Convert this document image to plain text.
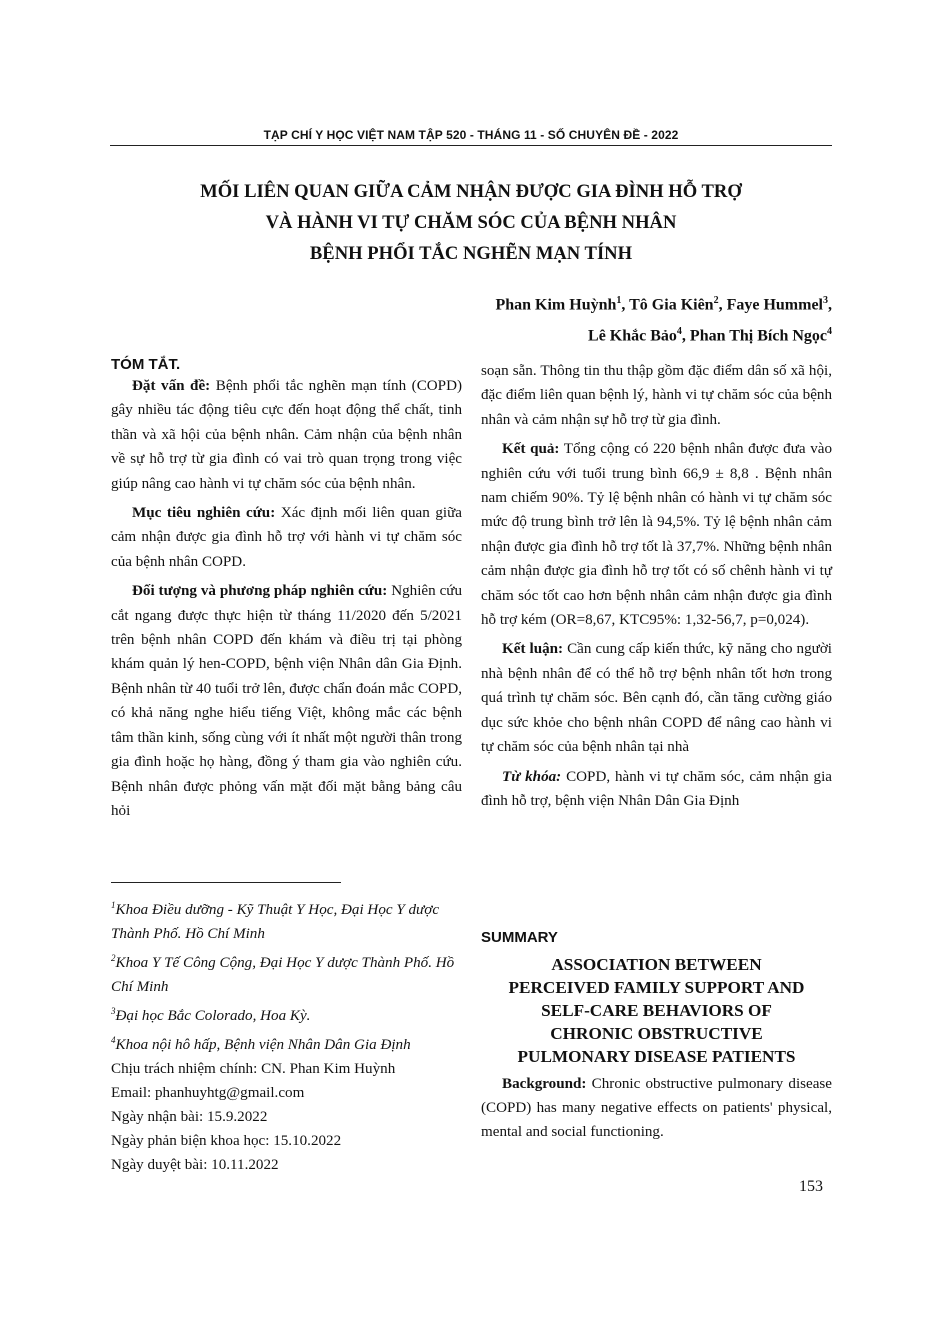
TẠP CHÍ Y HỌC VIỆT NAM TẬP 520 - THÁNG 11 - SỐ CHUYÊN ĐỀ - 2022
MỐI LIÊN QUAN GIỮA CẢM NHẬN ĐƯỢC GIA ĐÌNH HỖ TRỢ
VÀ HÀNH VI TỰ CHĂM SÓC CỦA BỆNH NHÂN
BỆNH PHỔI TẮC NGHẼN MẠN TÍNH
Phan Kim Huỳnh$^1$, Tô Gia Kiên$^2$, Faye Hummel$^3$,
Lê Khắc Bảo$^4$, Phan Thị Bích Ngọc$^4$
TÓM TẮT.

Đặt vấn đề: Bệnh phổi tắc nghẽn mạn tính (COPD) gây nhiều tác động tiêu cực đến hoạt động thể chất, tinh thần và xã hội của bệnh nhân. Cảm nhận của bệnh nhân về sự hỗ trợ từ gia đình có vai trò quan trọng trong việc giúp nâng cao hành vi tự chăm sóc của bệnh nhân.

Mục tiêu nghiên cứu: Xác định mối liên quan giữa cảm nhận được gia đình hỗ trợ với hành vi tự chăm sóc của bệnh nhân COPD.

Đối tượng và phương pháp nghiên cứu: Nghiên cứu cắt ngang được thực hiện từ tháng 11/2020 đến 5/2021 trên bệnh nhân COPD đến khám và điều trị tại phòng khám quản lý hen-COPD, bệnh viện Nhân dân Gia Định. Bệnh nhân từ 40 tuổi trở lên, được chẩn đoán mắc COPD, có khả năng nghe hiểu tiếng Việt, không mắc các bệnh tâm thần kinh, sống cùng với ít nhất một người thân trong gia đình hoặc họ hàng, đồng ý tham gia vào nghiên cứu. Bệnh nhân được phỏng vấn mặt đối mặt bằng bảng câu hỏi

$^1$Khoa Điều dưỡng - Kỹ Thuật Y Học, Đại Học Y dược Thành Phố. Hồ Chí Minh
$^2$Khoa Y Tế Công Cộng, Đại Học Y dược Thành Phố. Hồ Chí Minh
$^3$Đại học Bắc Colorado, Hoa Kỳ.
$^4$Khoa nội hô hấp, Bệnh viện Nhân Dân Gia Định
Chịu trách nhiệm chính: CN. Phan Kim Huỳnh
Email: phanhuyhtg@gmail.com
Ngày nhận bài: 15.9.2022
Ngày phản biện khoa học: 15.10.2022
Ngày duyệt bài: 10.11.2022

soạn sẵn. Thông tin thu thập gồm đặc điểm dân số xã hội, đặc điểm liên quan bệnh lý, hành vi tự chăm sóc của bệnh nhân và cảm nhận sự hỗ trợ từ gia đình.

Kết quả: Tổng cộng có 220 bệnh nhân được đưa vào nghiên cứu với tuổi trung bình 66,9 ± 8,8 . Bệnh nhân nam chiếm 90%. Tỷ lệ bệnh nhân có hành vi tự chăm sóc mức độ trung bình trở lên là 94,5%. Tỷ lệ bệnh nhân cảm nhận được gia đình hỗ trợ tốt là 37,7%. Những bệnh nhân cảm nhận được gia đình hỗ trợ tốt có số chênh hành vi tự chăm sóc tốt cao hơn bệnh nhân cảm nhận được gia đình hỗ trợ kém (OR=8,67, KTC95%: 1,32-56,7, p=0,024).

Kết luận: Cần cung cấp kiến thức, kỹ năng cho người nhà bệnh nhân để có thể hỗ trợ bệnh nhân tốt hơn trong quá trình tự chăm sóc. Bên cạnh đó, cần tăng cường giáo dục sức khỏe cho bệnh nhân COPD để nâng cao hành vi tự chăm sóc của bệnh nhân tại nhà

Từ khóa: COPD, hành vi tự chăm sóc, cảm nhận gia đình hỗ trợ, bệnh viện Nhân Dân Gia Định

SUMMARY
ASSOCIATION BETWEEN
PERCEIVED FAMILY SUPPORT AND
SELF-CARE BEHAVIORS OF
CHRONIC OBSTRUCTIVE
PULMONARY DISEASE PATIENTS
Background: Chronic obstructive pulmonary disease (COPD) has many negative effects on patients' physical, mental and social functioning.
153
